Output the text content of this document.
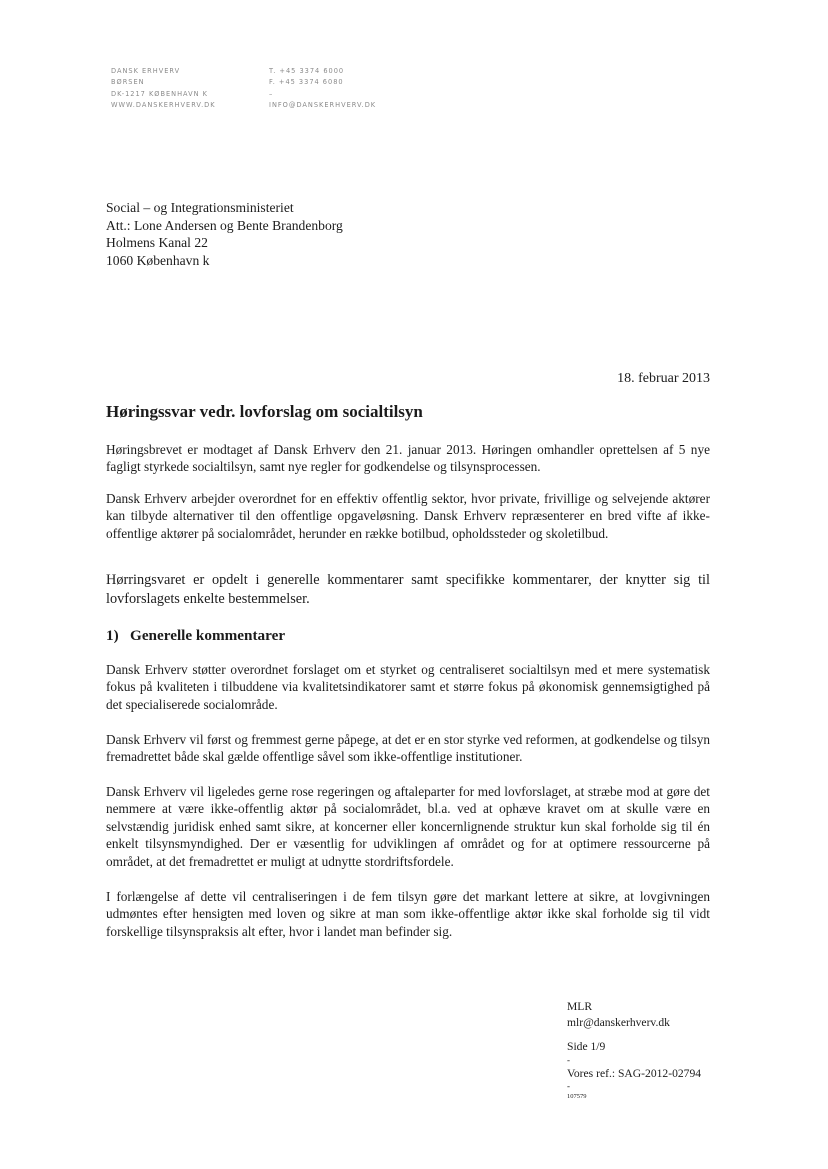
DANSK ERHVERV
BØRSEN
DK-1217 KØBENHAVN K
WWW.DANSKERHVERV.DK
T. +45 3374 6000
F. +45 3374 6080
–
INFO@DANSKERHVERV.DK
Social – og Integrationsministeriet
Att.: Lone Andersen og Bente Brandenborg
Holmens Kanal 22
1060 København k
18. februar 2013
Høringssvar vedr. lovforslag om socialtilsyn

Høringsbrevet er modtaget af Dansk Erhverv den 21. januar 2013. Høringen omhandler oprettelsen af 5 nye fagligt styrkede socialtilsyn, samt nye regler for godkendelse og tilsynsprocessen.

Dansk Erhverv arbejder overordnet for en effektiv offentlig sektor, hvor private, frivillige og selvejende aktører kan tilbyde alternativer til den offentlige opgaveløsning. Dansk Erhverv repræsenterer en bred vifte af ikke-offentlige aktører på socialområdet, herunder en række botilbud, opholdssteder og skoletilbud.

Hørringsvaret er opdelt i generelle kommentarer samt specifikke kommentarer, der knytter sig til lovforslagets enkelte bestemmelser.

1) Generelle kommentarer

Dansk Erhverv støtter overordnet forslaget om et styrket og centraliseret socialtilsyn med et mere systematisk fokus på kvaliteten i tilbuddene via kvalitetsindikatorer samt et større fokus på økonomisk gennemsigtighed på det specialiserede socialområde.

Dansk Erhverv vil først og fremmest gerne påpege, at det er en stor styrke ved reformen, at godkendelse og tilsyn fremadrettet både skal gælde offentlige såvel som ikke-offentlige institutioner.

Dansk Erhverv vil ligeledes gerne rose regeringen og aftaleparter for med lovforslaget, at stræbe mod at gøre det nemmere at være ikke-offentlig aktør på socialområdet, bl.a. ved at ophæve kravet om at skulle være en selvstændig juridisk enhed samt sikre, at koncerner eller koncernlignende struktur kun skal forholde sig til én enkelt tilsynsmyndighed. Der er væsentlig for udviklingen af området og for at optimere ressourcerne på området, at det fremadrettet er muligt at udnytte stordriftsfordele.

I forlængelse af dette vil centraliseringen i de fem tilsyn gøre det markant lettere at sikre, at lovgivningen udmøntes efter hensigten med loven og sikre at man som ikke-offentlige aktør ikke skal forholde sig til vidt forskellige tilsynspraksis alt efter, hvor i landet man befinder sig.

MLR
mlr@danskerhverv.dk
Side 1/9
-
Vores ref.: SAG-2012-02794
-
107579
